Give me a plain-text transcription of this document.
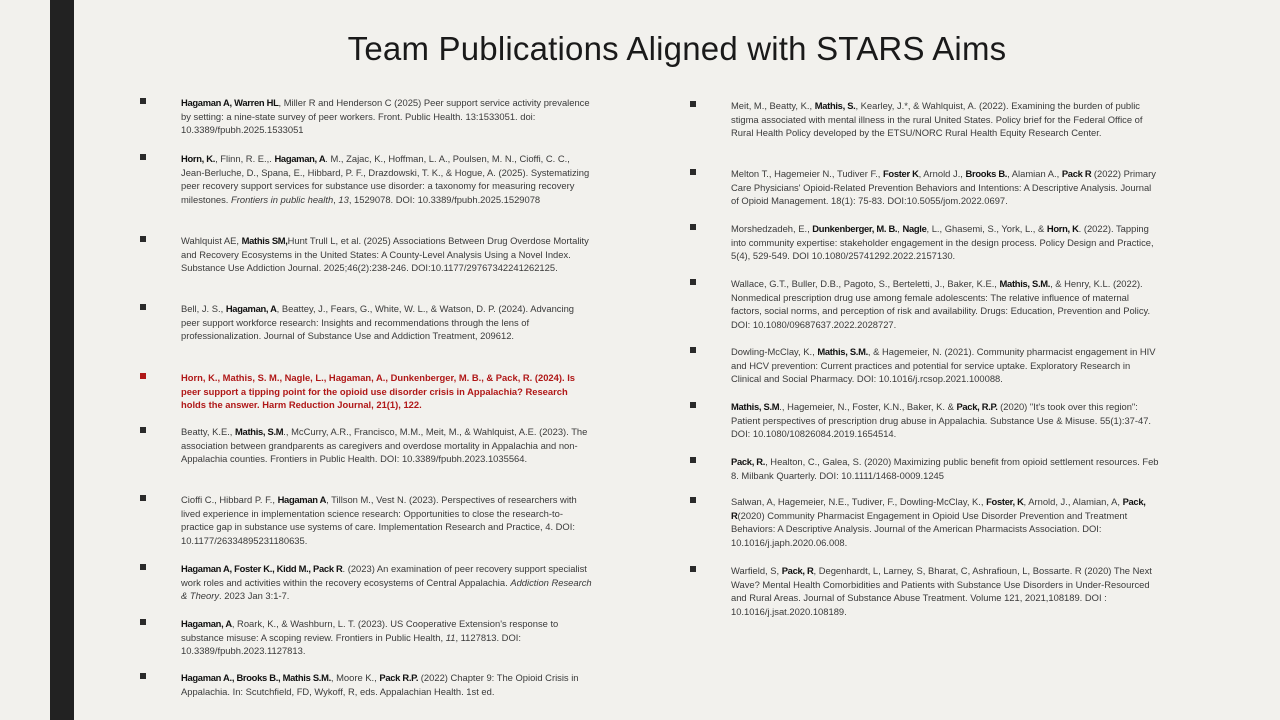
Team Publications Aligned with STARS Aims
Hagaman A, Warren HL, Miller R and Henderson C (2025) Peer support service activity prevalence by setting: a nine-state survey of peer workers. Front. Public Health. 13:1533051. doi: 10.3389/fpubh.2025.1533051
Horn, K., Flinn, R. E.,. Hagaman, A. M., Zajac, K., Hoffman, L. A., Poulsen, M. N., Cioffi, C. C., Jean-Berluche, D., Spana, E., Hibbard, P. F., Drazdowski, T. K., & Hogue, A. (2025). Systematizing peer recovery support services for substance use disorder: a taxonomy for measuring recovery milestones. Frontiers in public health, 13, 1529078. DOI: 10.3389/fpubh.2025.1529078
Wahlquist AE, Mathis SM,Hunt Trull L, et al. (2025) Associations Between Drug Overdose Mortality and Recovery Ecosystems in the United States: A County-Level Analysis Using a Novel Index. Substance Use Addiction Journal. 2025;46(2):238-246. DOI:10.1177/29767342241262125.
Bell, J. S., Hagaman, A, Beattey, J., Fears, G., White, W. L., & Watson, D. P. (2024). Advancing peer support workforce research: Insights and recommendations through the lens of professionalization. Journal of Substance Use and Addiction Treatment, 209612.
Horn, K., Mathis, S. M., Nagle, L., Hagaman, A., Dunkenberger, M. B., & Pack, R. (2024). Is peer support a tipping point for the opioid use disorder crisis in Appalachia? Research holds the answer. Harm Reduction Journal, 21(1), 122.
Beatty, K.E., Mathis, S.M., McCurry, A.R., Francisco, M.M., Meit, M., & Wahlquist, A.E. (2023). The association between grandparents as caregivers and overdose mortality in Appalachia and non-Appalachia counties. Frontiers in Public Health. DOI: 10.3389/fpubh.2023.1035564.
Cioffi C., Hibbard P. F., Hagaman A, Tillson M., Vest N. (2023). Perspectives of researchers with lived experience in implementation science research: Opportunities to close the research-to-practice gap in substance use systems of care. Implementation Research and Practice, 4. DOI: 10.1177/26334895231180635.
Hagaman A, Foster K., Kidd M., Pack R. (2023) An examination of peer recovery support specialist work roles and activities within the recovery ecosystems of Central Appalachia. Addiction Research & Theory. 2023 Jan 3:1-7.
Hagaman, A, Roark, K., & Washburn, L. T. (2023). US Cooperative Extension's response to substance misuse: A scoping review. Frontiers in Public Health, 11, 1127813. DOI: 10.3389/fpubh.2023.1127813.
Hagaman A., Brooks B., Mathis S.M., Moore K., Pack R.P. (2022) Chapter 9: The Opioid Crisis in Appalachia. In: Scutchfield, FD, Wykoff, R, eds. Appalachian Health. 1st ed.
Meit, M., Beatty, K., Mathis, S., Kearley, J.*, & Wahlquist, A. (2022). Examining the burden of public stigma associated with mental illness in the rural United States. Policy brief for the Federal Office of Rural Health Policy developed by the ETSU/NORC Rural Health Equity Research Center.
Melton T., Hagemeier N., Tudiver F., Foster K, Arnold J., Brooks B., Alamian A., Pack R (2022) Primary Care Physicians' Opioid-Related Prevention Behaviors and Intentions: A Descriptive Analysis. Journal of Opioid Management. 18(1): 75-83. DOI:10.5055/jom.2022.0697.
Morshedzadeh, E., Dunkenberger, M. B., Nagle, L., Ghasemi, S., York, L., & Horn, K. (2022). Tapping into community expertise: stakeholder engagement in the design process. Policy Design and Practice, 5(4), 529-549. DOI 10.1080/25741292.2022.2157130.
Wallace, G.T., Buller, D.B., Pagoto, S., Berteletti, J., Baker, K.E., Mathis, S.M., & Henry, K.L. (2022). Nonmedical prescription drug use among female adolescents: The relative influence of maternal factors, social norms, and perception of risk and availability. Drugs: Education, Prevention and Policy. DOI: 10.1080/09687637.2022.2028727.
Dowling-McClay, K., Mathis, S.M., & Hagemeier, N. (2021). Community pharmacist engagement in HIV and HCV prevention: Current practices and potential for service uptake. Exploratory Research in Clinical and Social Pharmacy. DOI: 10.1016/j.rcsop.2021.100088.
Mathis, S.M., Hagemeier, N., Foster, K.N., Baker, K. & Pack, R.P. (2020) "It's took over this region": Patient perspectives of prescription drug abuse in Appalachia. Substance Use & Misuse. 55(1):37-47. DOI: 10.1080/10826084.2019.1654514.
Pack, R., Healton, C., Galea, S. (2020) Maximizing public benefit from opioid settlement resources. Feb 8. Milbank Quarterly. DOI: 10.1111/1468-0009.1245
Salwan, A, Hagemeier, N.E., Tudiver, F., Dowling-McClay, K., Foster, K, Arnold, J., Alamian, A, Pack, R(2020) Community Pharmacist Engagement in Opioid Use Disorder Prevention and Treatment Behaviors: A Descriptive Analysis. Journal of the American Pharmacists Association. DOI: 10.1016/j.japh.2020.06.008.
Warfield, S, Pack, R, Degenhardt, L, Larney, S, Bharat, C, Ashrafioun, L, Bossarte. R (2020) The Next Wave? Mental Health Comorbidities and Patients with Substance Use Disorders in Under-Resourced and Rural Areas. Journal of Substance Abuse Treatment. Volume 121, 2021,108189. DOI : 10.1016/j.jsat.2020.108189.
